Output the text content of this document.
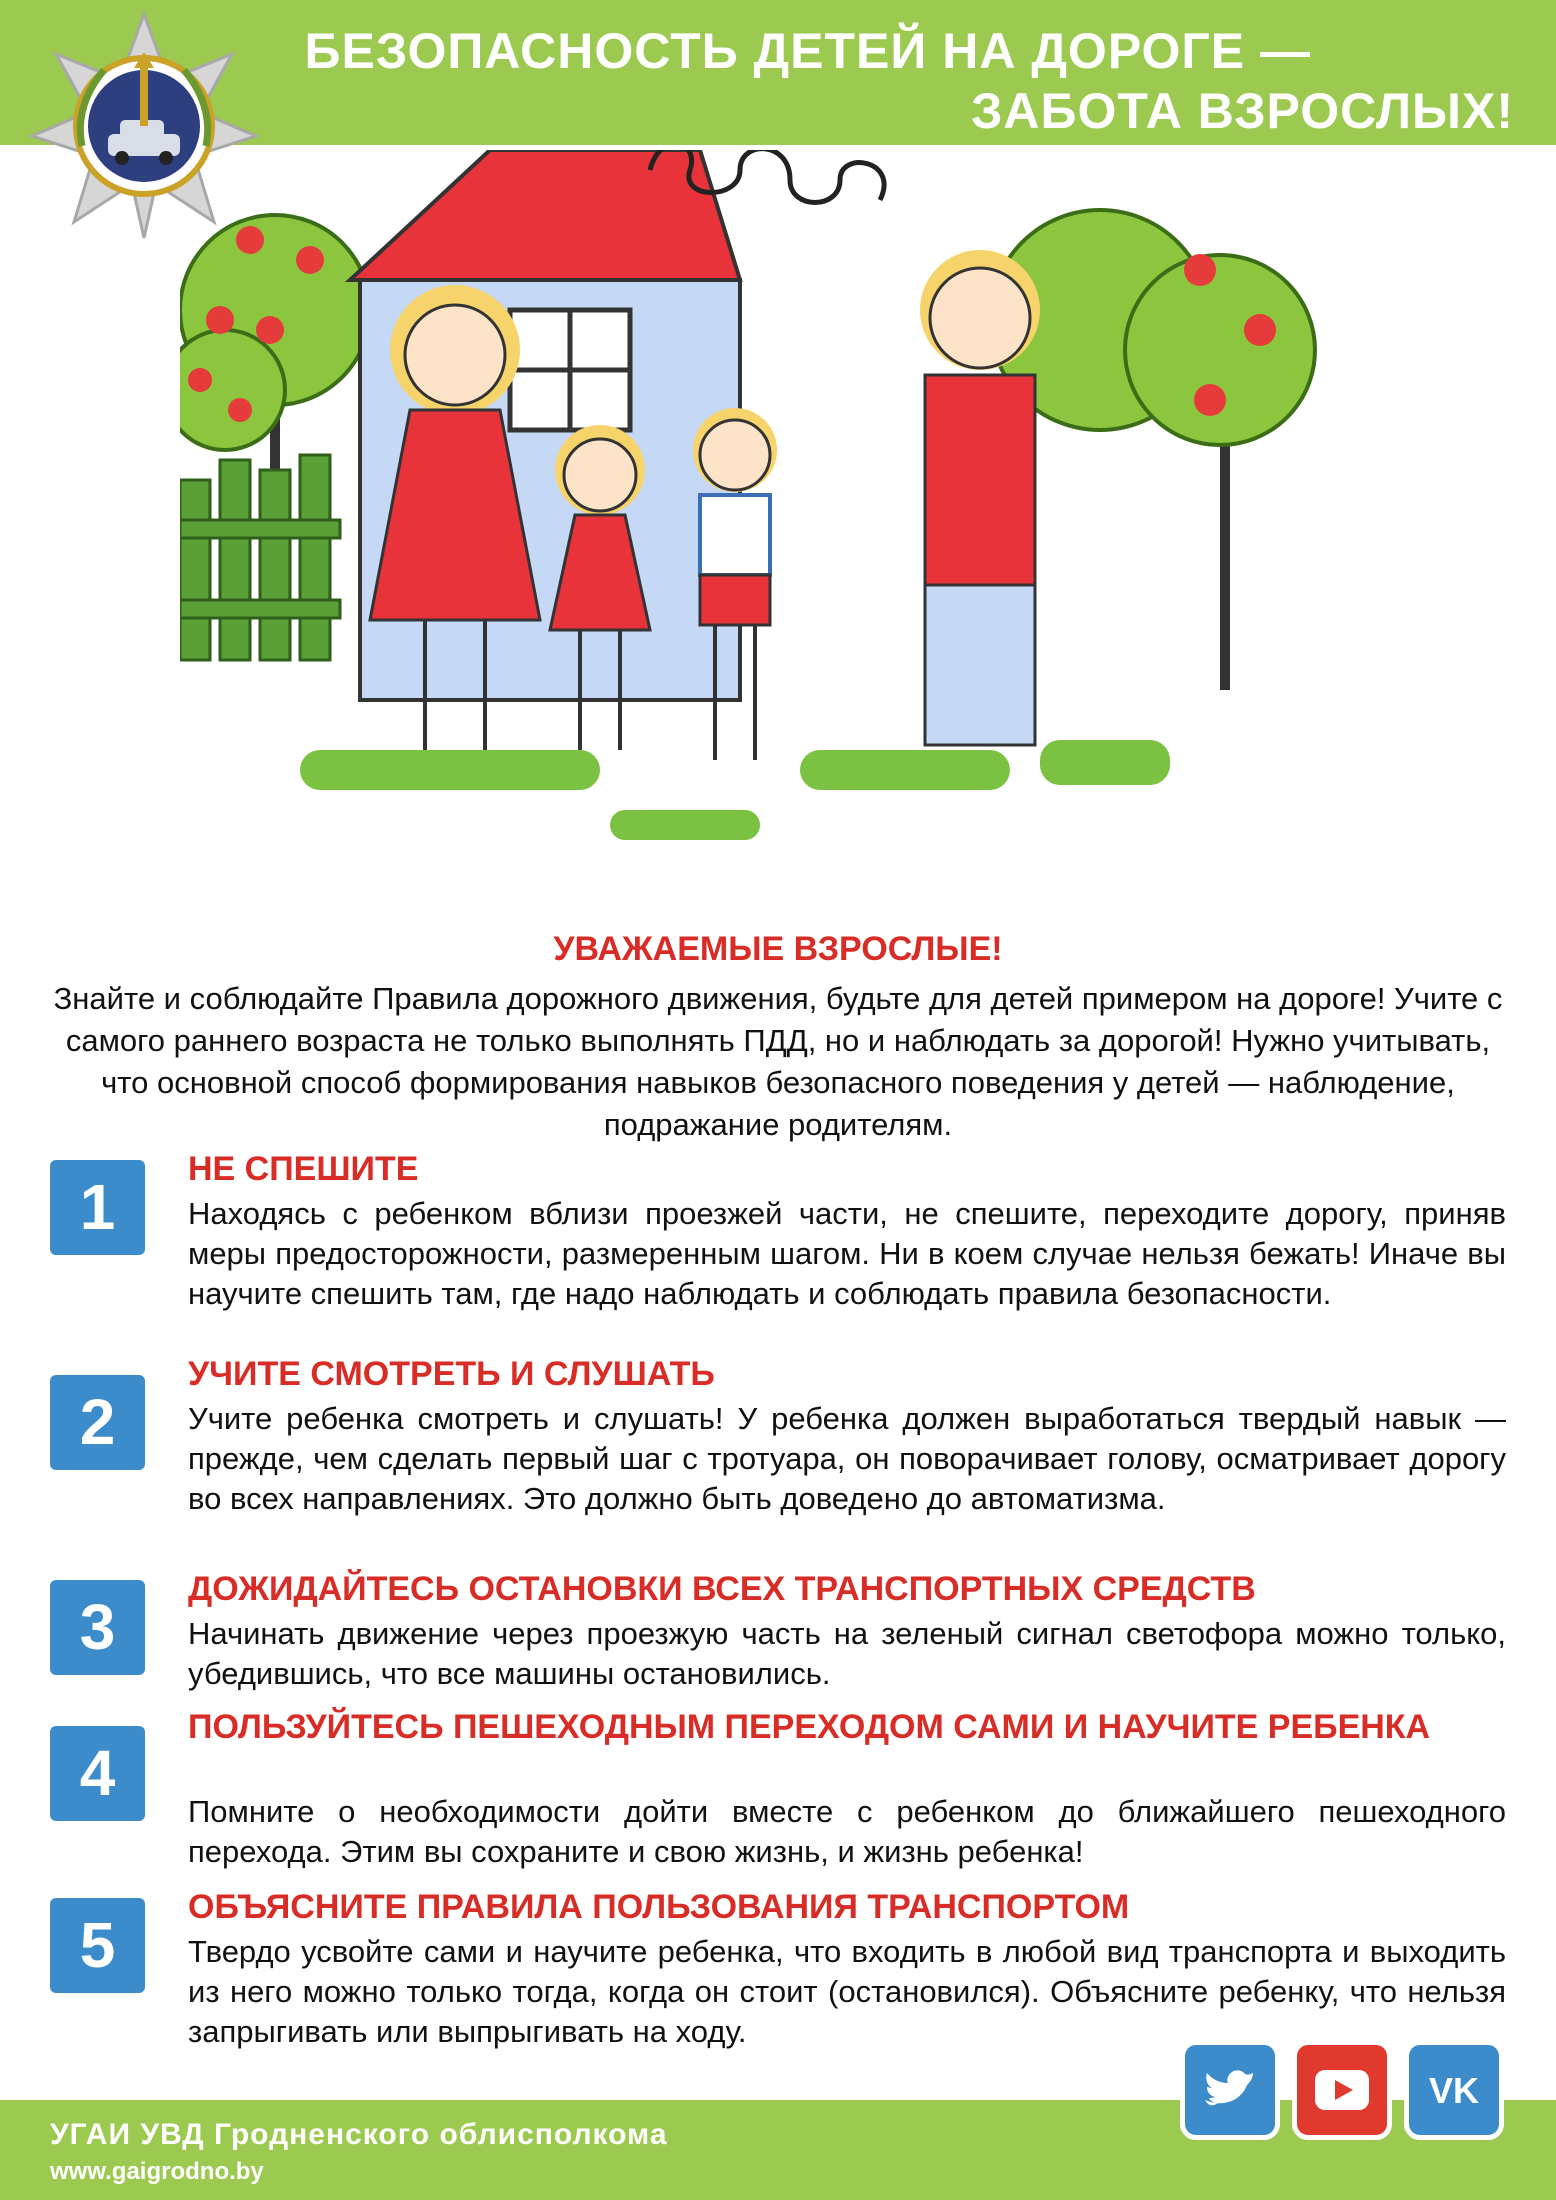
БЕЗОПАСНОСТЬ ДЕТЕЙ НА ДОРОГЕ —
ЗАБОТА ВЗРОСЛЫХ!
УВАЖАЕМЫЕ ВЗРОСЛЫЕ!
Знайте и соблюдайте Правила дорожного движения, будьте для детей примером на дороге! Учите с самого раннего возраста не только выполнять ПДД, но и наблюдать за дорогой! Нужно учитывать, что основной способ формирования навыков безопасного поведения у детей — наблюдение, подражание родителям.
1
НЕ СПЕШИТЕ
Находясь с ребенком вблизи проезжей части, не спешите, переходите дорогу, приняв меры предосторожности, размеренным шагом. Ни в коем случае нельзя бежать! Иначе вы научите спешить там, где надо наблюдать и соблюдать правила безопасности.
2
УЧИТЕ СМОТРЕТЬ И СЛУШАТЬ
Учите ребенка смотреть и слушать! У ребенка должен выработаться твердый навык — прежде, чем сделать первый шаг с тротуара, он поворачивает голову, осматривает дорогу во всех направлениях. Это должно быть доведено до автоматизма.
3
ДОЖИДАЙТЕСЬ ОСТАНОВКИ ВСЕХ ТРАНСПОРТНЫХ СРЕДСТВ
Начинать движение через проезжую часть на зеленый сигнал светофора можно только, убедившись, что все машины остановились.
4
ПОЛЬЗУЙТЕСЬ ПЕШЕХОДНЫМ ПЕРЕХОДОМ САМИ И НАУЧИТЕ РЕБЕНКА
Помните о необходимости дойти вместе с ребенком до ближайшего пешеходного перехода. Этим вы сохраните и свою жизнь, и жизнь ребенка!
5
ОБЪЯСНИТЕ ПРАВИЛА ПОЛЬЗОВАНИЯ ТРАНСПОРТОМ
Твердо усвойте сами и научите ребенка, что входить в любой вид транспорта и выходить из него можно только тогда, когда он стоит (остановился). Объясните ребенку, что нельзя запрыгивать или выпрыгивать на ходу.
УГАИ УВД Гродненского облисполкома
www.gaigrodno.by
VK
